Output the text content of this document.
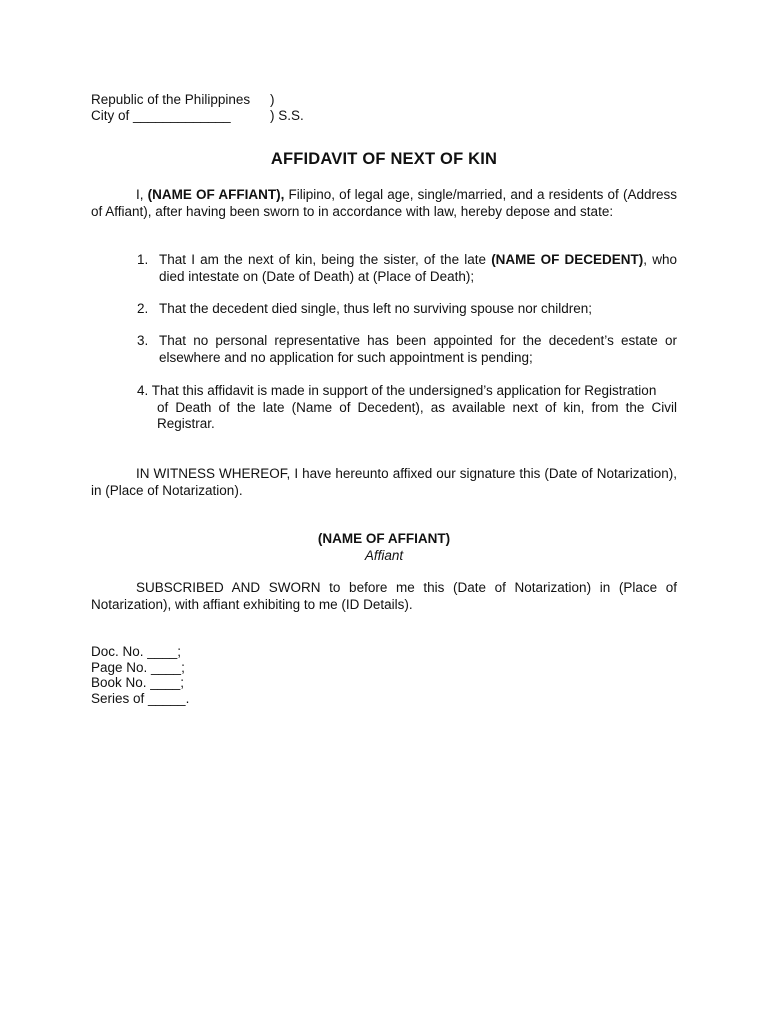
Republic of the Philippines	)
City of _____________	) S.S.
AFFIDAVIT OF NEXT OF KIN
I, (NAME OF AFFIANT), Filipino, of legal age, single/married, and a residents of (Address of Affiant), after having been sworn to in accordance with law, hereby depose and state:
1. That I am the next of kin, being the sister, of the late (NAME OF DECEDENT), who died intestate on (Date of Death) at (Place of Death);
2. That the decedent died single, thus left no surviving spouse nor children;
3. That no personal representative has been appointed for the decedent’s estate or elsewhere and no application for such appointment is pending;
4. That this affidavit is made in support of the undersigned’s application for Registration
of Death of the late (Name of Decedent), as available next of kin, from the Civil Registrar.
IN WITNESS WHEREOF, I have hereunto affixed our signature this (Date of Notarization), in (Place of Notarization).
(NAME OF AFFIANT)
Affiant
SUBSCRIBED AND SWORN to before me this (Date of Notarization) in (Place of Notarization), with affiant exhibiting to me (ID Details).
Doc. No. ____;
Page No. ____;
Book No. ____;
Series of _____.
